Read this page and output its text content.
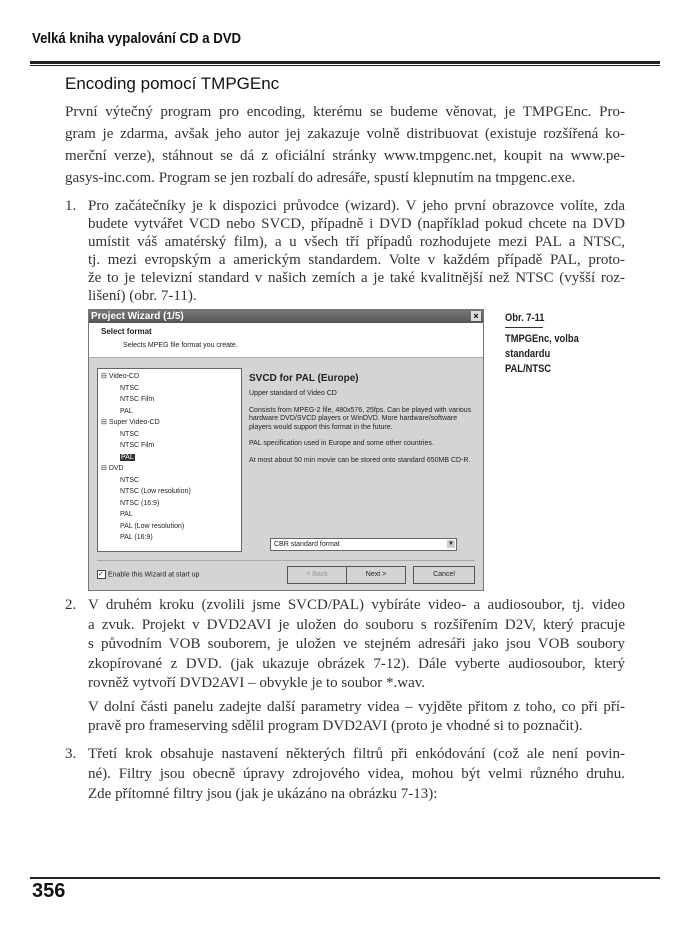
Velká kniha vypalování CD a DVD
Encoding pomocí TMPGEnc
První výtečný program pro encoding, kterému se budeme věnovat, je TMPGEnc. Pro-
gram je zdarma, avšak jeho autor jej zakazuje volně distribuovat (existuje rozšířená ko-
merční verze), stáhnout se dá z oficiální stránky www.tmpgenc.net, koupit na www.pe-
gasys-inc.com. Program se jen rozbalí do adresáře, spustí klepnutím na tmpgenc.exe.
1. Pro začátečníky je k dispozici průvodce (wizard). V jeho první obrazovce volíte, zda
budete vytvářet VCD nebo SVCD, případně i DVD (například pokud chcete na DVD
umístit váš amatérský film), a u všech tří případů rozhodujete mezi PAL a NTSC,
tj. mezi evropským a americkým standardem. Volte v každém případě PAL, proto-
že to je televizní standard v našich zemích a je také kvalitnější než NTSC (vyšší roz-
lišení) (obr. 7-11).
2. V druhém kroku (zvolili jsme SVCD/PAL) vybíráte video- a audiosoubor, tj. video
a zvuk. Projekt v DVD2AVI je uložen do souboru s rozšířením D2V, který pracuje
s původním VOB souborem, je uložen ve stejném adresáři jako jsou VOB soubory
zkopírované z DVD. (jak ukazuje obrázek 7-12). Dále vyberte audiosoubor, který
rovněž vytvoří DVD2AVI – obvykle je to soubor *.wav.
V dolní části panelu zadejte další parametry videa – vyjděte přitom z toho, co při pří-
pravě pro frameserving sdělil program DVD2AVI (proto je vhodné si to poznačit).
3. Třetí krok obsahuje nastavení některých filtrů při enkódování (což ale není povin-
né). Filtry jsou obecně úpravy zdrojového videa, mohou být velmi různého druhu.
Zde přítomné filtry jsou (jak je ukázáno na obrázku 7-13):
Project Wizard (1/5)	×
Select format
Selects MPEG file format you create.
⊟ Video-CD
NTSC
NTSC Film
PAL
⊟ Super Video-CD
NTSC
NTSC Film
PAL
⊟ DVD
NTSC
NTSC (Low resolution)
NTSC (16:9)
PAL
PAL (Low resolution)
PAL (16:9)
SVCD for PAL (Europe)
Upper standard of Video CD
Consists from MPEG-2 file, 480x576, 25fps. Can be played with various hardware DVD/SVCD players or WinDVD. More hardware/software players would support this format in the future.
PAL specification used in Europe and some other countries.
At most about 50 min movie can be stored onto standard 650MB CD-R.
CBR standard format	▼
✓ Enable this Wizard at start up	< Back	Next >	Cancel
Obr. 7-11
TMPGEnc, volba
standardu
PAL/NTSC
356
